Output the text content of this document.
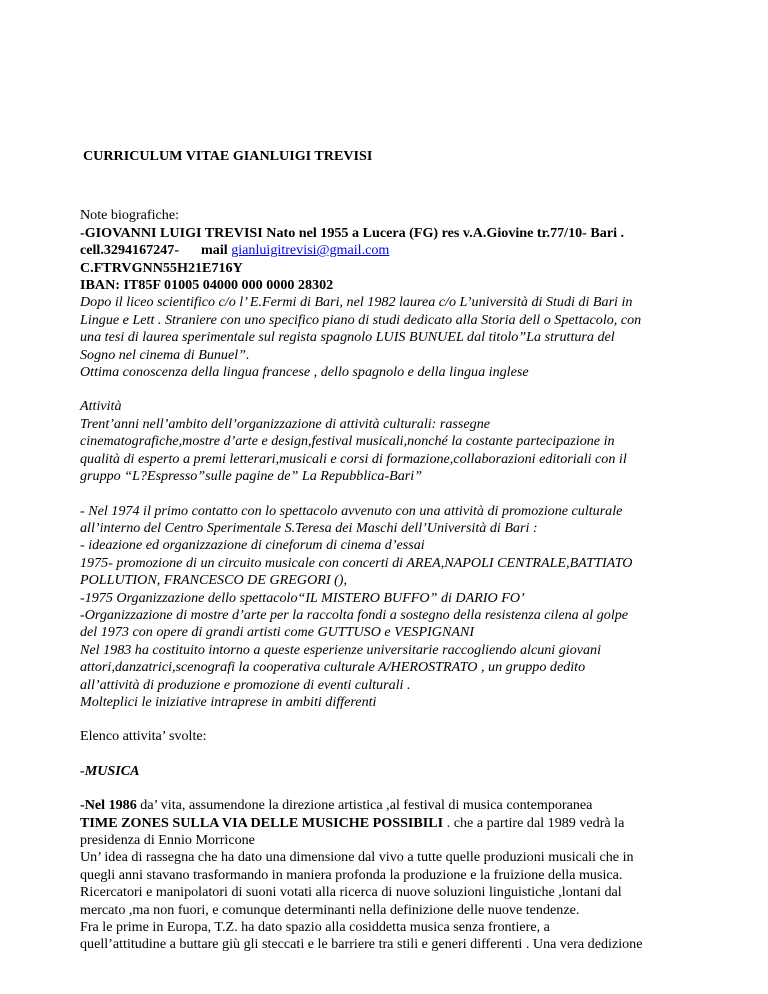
CURRICULUM VITAE GIANLUIGI TREVISI
Note biografiche:
-GIOVANNI LUIGI TREVISI Nato nel 1955 a Lucera (FG) res v.A.Giovine tr.77/10- Bari .
cell.3294167247- mail gianluigitrevisi@gmail.com
C.FTRVGNN55H21E716Y
IBAN: IT85F 01005 04000 000 0000 28302
Dopo il liceo scientifico c/o l’ E.Fermi di Bari, nel 1982 laurea c/o L’università di Studi di Bari in
Lingue e Lett . Straniere con uno specifico piano di studi dedicato alla Storia dell o Spettacolo, con
una tesi di laurea sperimentale sul regista spagnolo LUIS BUNUEL dal titolo”La struttura del
Sogno nel cinema di Bunuel”.
Ottima conoscenza della lingua francese , dello spagnolo e della lingua inglese
Attività
Trent’anni nell’ambito dell’organizzazione di attività culturali: rassegne
cinematografiche,mostre d’arte e design,festival musicali,nonché la costante partecipazione in
qualità di esperto a premi letterari,musicali e corsi di formazione,collaborazioni editoriali con il
gruppo “L?Espresso”sulle pagine de” La Repubblica-Bari”
- Nel 1974 il primo contatto con lo spettacolo avvenuto con una attività di promozione culturale
all’interno del Centro Sperimentale S.Teresa dei Maschi dell’Università di Bari :
- ideazione ed organizzazione di cineforum di cinema d’essai
1975- promozione di un circuito musicale con concerti di AREA,NAPOLI CENTRALE,BATTIATO
POLLUTION, FRANCESCO DE GREGORI (),
-1975 Organizzazione dello spettacolo“IL MISTERO BUFFO” di DARIO FO’
-Organizzazione di mostre d’arte per la raccolta fondi a sostegno della resistenza cilena al golpe
del 1973 con opere di grandi artisti come GUTTUSO e VESPIGNANI
Nel 1983 ha costituito intorno a queste esperienze universitarie raccogliendo alcuni giovani
attori,danzatrici,scenografi la cooperativa culturale A/HEROSTRATO , un gruppo dedito
all’attività di produzione e promozione di eventi culturali .
Molteplici le iniziative intraprese in ambiti differenti
Elenco attivita’ svolte:
-MUSICA
-Nel 1986 da’ vita, assumendone la direzione artistica ,al festival di musica contemporanea
TIME ZONES SULLA VIA DELLE MUSICHE POSSIBILI . che a partire dal 1989 vedrà la
presidenza di Ennio Morricone
Un’ idea di rassegna che ha dato una dimensione dal vivo a tutte quelle produzioni musicali che in
quegli anni stavano trasformando in maniera profonda la produzione e la fruizione della musica.
Ricercatori e manipolatori di suoni votati alla ricerca di nuove soluzioni linguistiche ,lontani dal
mercato ,ma non fuori, e comunque determinanti nella definizione delle nuove tendenze.
Fra le prime in Europa, T.Z. ha dato spazio alla cosiddetta musica senza frontiere, a
quell’attitudine a buttare giù gli steccati e le barriere tra stili e generi differenti . Una vera dedizione
